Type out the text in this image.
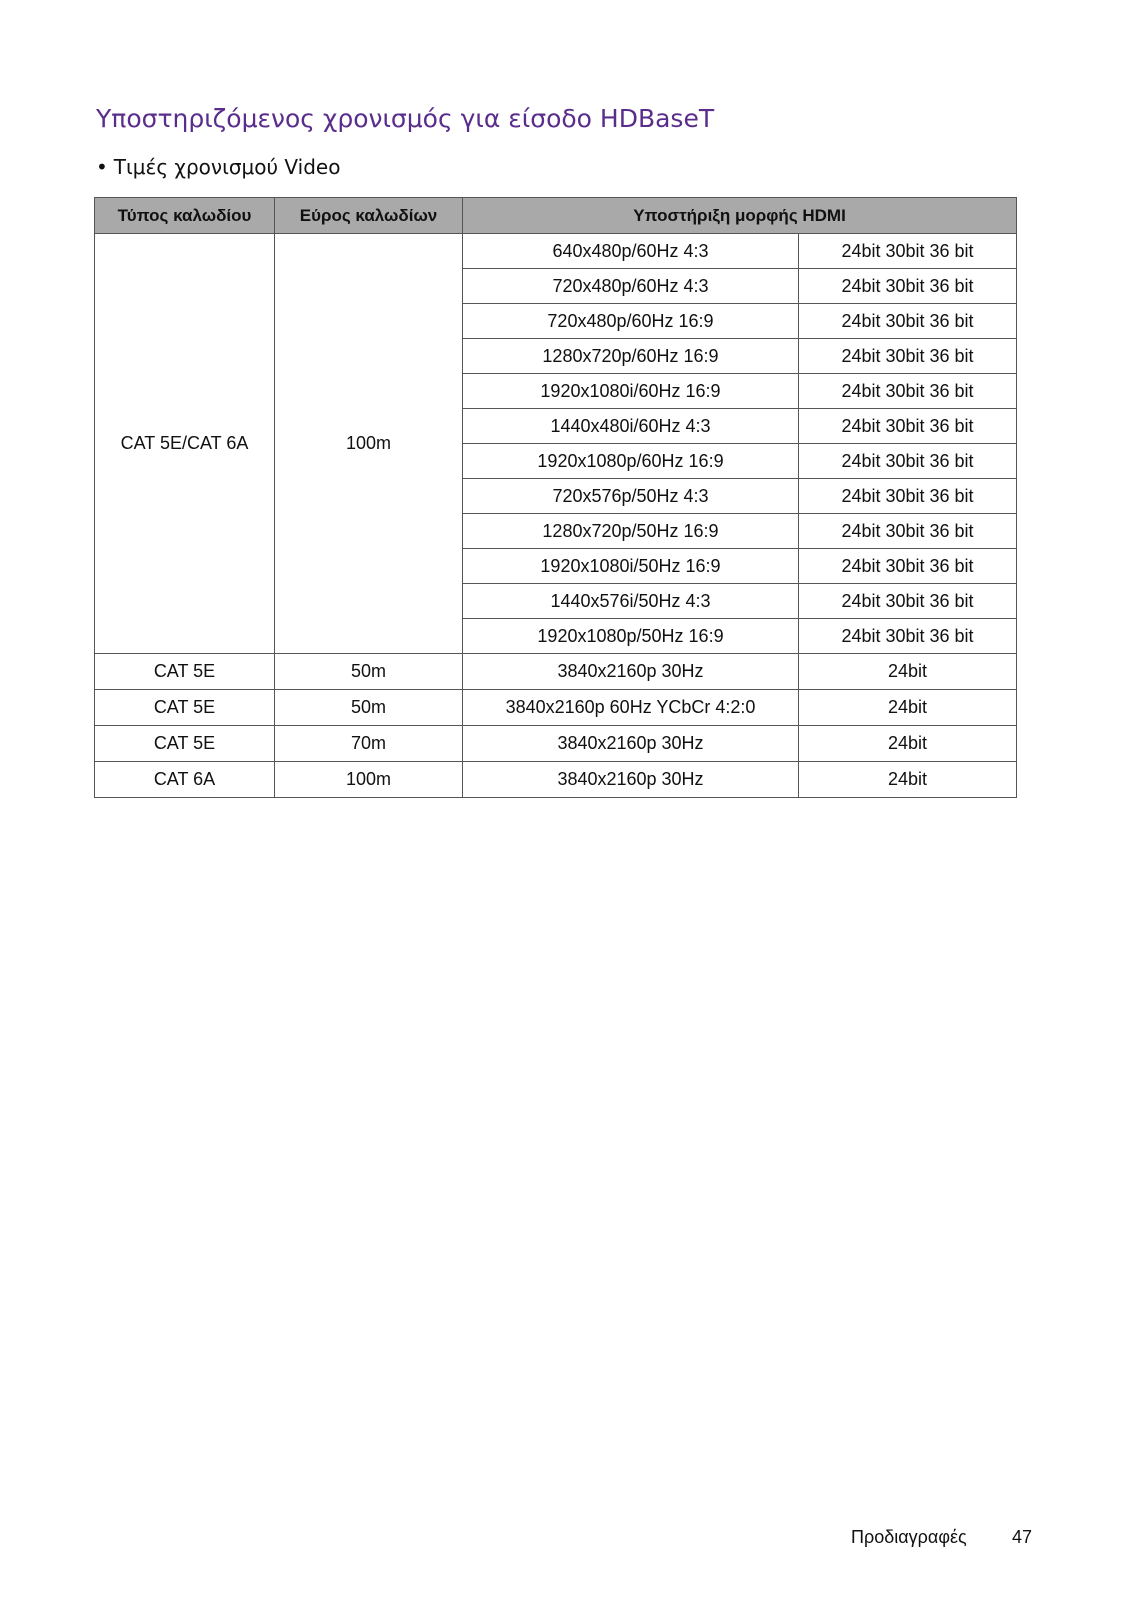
Υποστηριζόμενος χρονισμός για είσοδο HDBaseT
• Τιμές χρονισμού Video
Τύπος καλωδίου	Εύρος καλωδίων	Υποστήριξη μορφής HDMI	
CAT 5E/CAT 6A	100m	640x480p/60Hz 4:3	24bit 30bit 36 bit
		720x480p/60Hz 4:3	24bit 30bit 36 bit
		720x480p/60Hz 16:9	24bit 30bit 36 bit
		1280x720p/60Hz 16:9	24bit 30bit 36 bit
		1920x1080i/60Hz 16:9	24bit 30bit 36 bit
		1440x480i/60Hz 4:3	24bit 30bit 36 bit
		1920x1080p/60Hz 16:9	24bit 30bit 36 bit
		720x576p/50Hz 4:3	24bit 30bit 36 bit
		1280x720p/50Hz 16:9	24bit 30bit 36 bit
		1920x1080i/50Hz 16:9	24bit 30bit 36 bit
		1440x576i/50Hz 4:3	24bit 30bit 36 bit
		1920x1080p/50Hz 16:9	24bit 30bit 36 bit
CAT 5E	50m	3840x2160p 30Hz	24bit
CAT 5E	50m	3840x2160p 60Hz YCbCr 4:2:0	24bit
CAT 5E	70m	3840x2160p 30Hz	24bit
CAT 6A	100m	3840x2160p 30Hz	24bit
Προδιαγραφές	47
